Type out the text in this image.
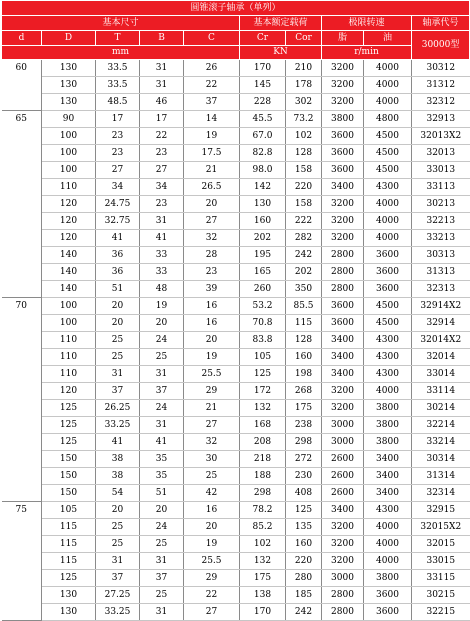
圆锥滚子轴承（单列）									
基本尺寸					基本额定载荷		极限转速		轴承代号
d	D	T	B	C	Cr	Cor	脂	油	30000型
mm					KN		r/min		
60	130	33.5	31	26	170	210	3200	4000	30312
	130	33.5	31	22	145	178	3200	4000	31312
	130	48.5	46	37	228	302	3200	4000	32312
65	90	17	17	14	45.5	73.2	3800	4800	32913
	100	23	22	19	67.0	102	3600	4500	32013X2
	100	23	23	17.5	82.8	128	3600	4500	32013
	100	27	27	21	98.0	158	3600	4500	33013
	110	34	34	26.5	142	220	3400	4300	33113
	120	24.75	23	20	130	158	3200	4000	30213
	120	32.75	31	27	160	222	3200	4000	32213
	120	41	41	32	202	282	3200	4000	33213
	140	36	33	28	195	242	2800	3600	30313
	140	36	33	23	165	202	2800	3600	31313
	140	51	48	39	260	350	2800	3600	32313
70	100	20	19	16	53.2	85.5	3600	4500	32914X2
	100	20	20	16	70.8	115	3600	4500	32914
	110	25	24	20	83.8	128	3400	4300	32014X2
	110	25	25	19	105	160	3400	4300	32014
	110	31	31	25.5	125	198	3400	4300	33014
	120	37	37	29	172	268	3200	4000	33114
	125	26.25	24	21	132	175	3200	3800	30214
	125	33.25	31	27	168	238	3000	3800	32214
	125	41	41	32	208	298	3000	3800	33214
	150	38	35	30	218	272	2600	3400	30314
	150	38	35	25	188	230	2600	3400	31314
	150	54	51	42	298	408	2600	3400	32314
75	105	20	20	16	78.2	125	3400	4300	32915
	115	25	24	20	85.2	135	3200	4000	32015X2
	115	25	25	19	102	160	3200	4000	32015
	115	31	31	25.5	132	220	3200	4000	33015
	125	37	37	29	175	280	3000	3800	33115
	130	27.25	25	22	138	185	2800	3600	30215
	130	33.25	31	27	170	242	2800	3600	32215
